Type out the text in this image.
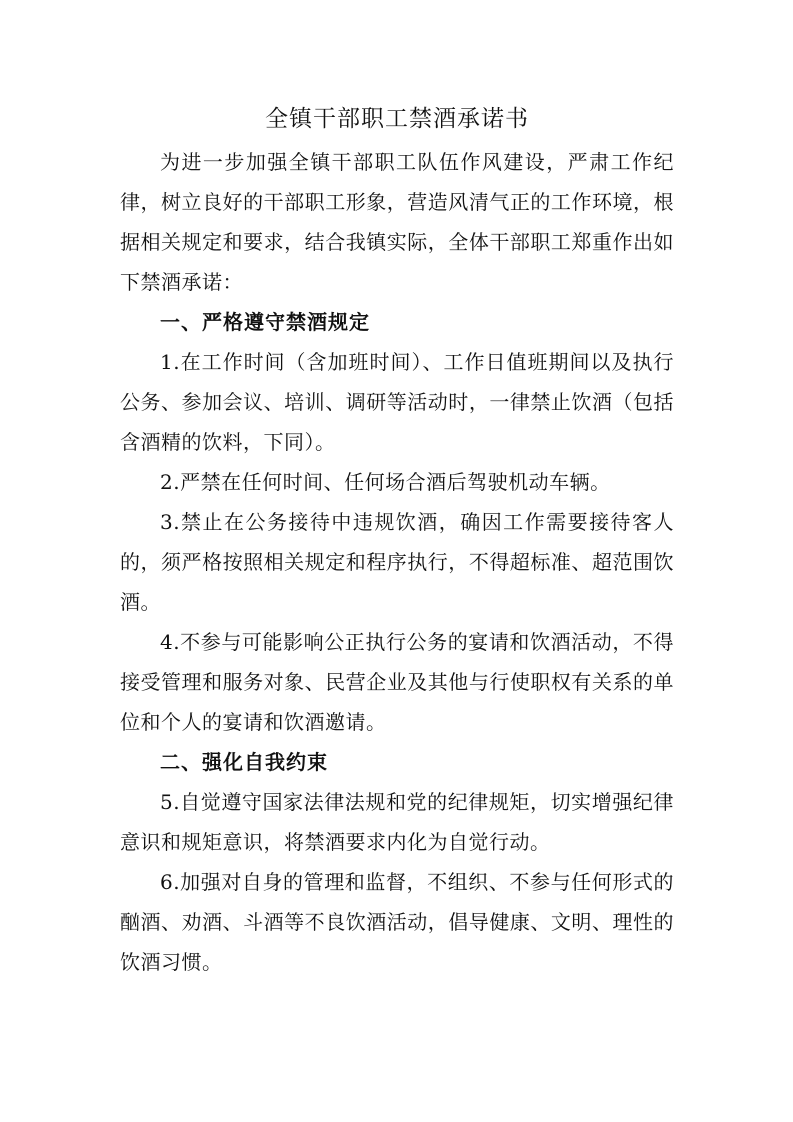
全镇干部职工禁酒承诺书

为进一步加强全镇干部职工队伍作风建设，严肃工作纪律，树立良好的干部职工形象，营造风清气正的工作环境，根据相关规定和要求，结合我镇实际，全体干部职工郑重作出如下禁酒承诺：

一、严格遵守禁酒规定

1.在工作时间（含加班时间）、工作日值班期间以及执行公务、参加会议、培训、调研等活动时，一律禁止饮酒（包括含酒精的饮料，下同）。

2.严禁在任何时间、任何场合酒后驾驶机动车辆。

3.禁止在公务接待中违规饮酒，确因工作需要接待客人的，须严格按照相关规定和程序执行，不得超标准、超范围饮酒。

4.不参与可能影响公正执行公务的宴请和饮酒活动，不得接受管理和服务对象、民营企业及其他与行使职权有关系的单位和个人的宴请和饮酒邀请。

二、强化自我约束

5.自觉遵守国家法律法规和党的纪律规矩，切实增强纪律意识和规矩意识，将禁酒要求内化为自觉行动。

6.加强对自身的管理和监督，不组织、不参与任何形式的酗酒、劝酒、斗酒等不良饮酒活动，倡导健康、文明、理性的饮酒习惯。
